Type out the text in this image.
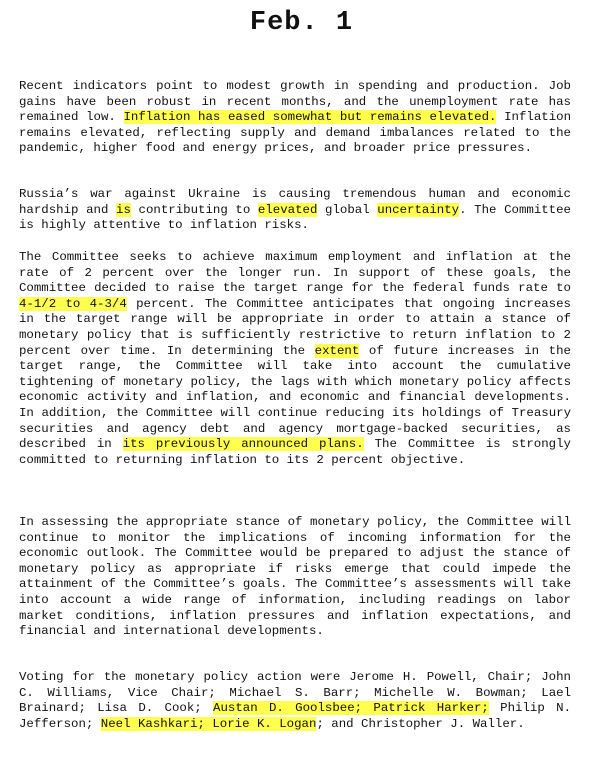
Feb. 1

Recent indicators point to modest growth in spending and production. Job gains have been robust in recent months, and the unemployment rate has remained low. Inflation has eased somewhat but remains elevated. Inflation remains elevated, reflecting supply and demand imbalances related to the pandemic, higher food and energy prices, and broader price pressures.

Russia’s war against Ukraine is causing tremendous human and economic hardship and is contributing to elevated global uncertainty. The Committee is highly attentive to inflation risks.

The Committee seeks to achieve maximum employment and inflation at the rate of 2 percent over the longer run. In support of these goals, the Committee decided to raise the target range for the federal funds rate to 4-1/2 to 4-3/4 percent. The Committee anticipates that ongoing increases in the target range will be appropriate in order to attain a stance of monetary policy that is sufficiently restrictive to return inflation to 2 percent over time. In determining the extent of future increases in the target range, the Committee will take into account the cumulative tightening of monetary policy, the lags with which monetary policy affects economic activity and inflation, and economic and financial developments. In addition, the Committee will continue reducing its holdings of Treasury securities and agency debt and agency mortgage-backed securities, as described in its previously announced plans. The Committee is strongly committed to returning inflation to its 2 percent objective.

In assessing the appropriate stance of monetary policy, the Committee will continue to monitor the implications of incoming information for the economic outlook. The Committee would be prepared to adjust the stance of monetary policy as appropriate if risks emerge that could impede the attainment of the Committee’s goals. The Committee’s assessments will take into account a wide range of information, including readings on labor market conditions, inflation pressures and inflation expectations, and financial and international developments.

Voting for the monetary policy action were Jerome H. Powell, Chair; John C. Williams, Vice Chair; Michael S. Barr; Michelle W. Bowman; Lael Brainard; Lisa D. Cook; Austan D. Goolsbee; Patrick Harker; Philip N. Jefferson; Neel Kashkari; Lorie K. Logan; and Christopher J. Waller.
